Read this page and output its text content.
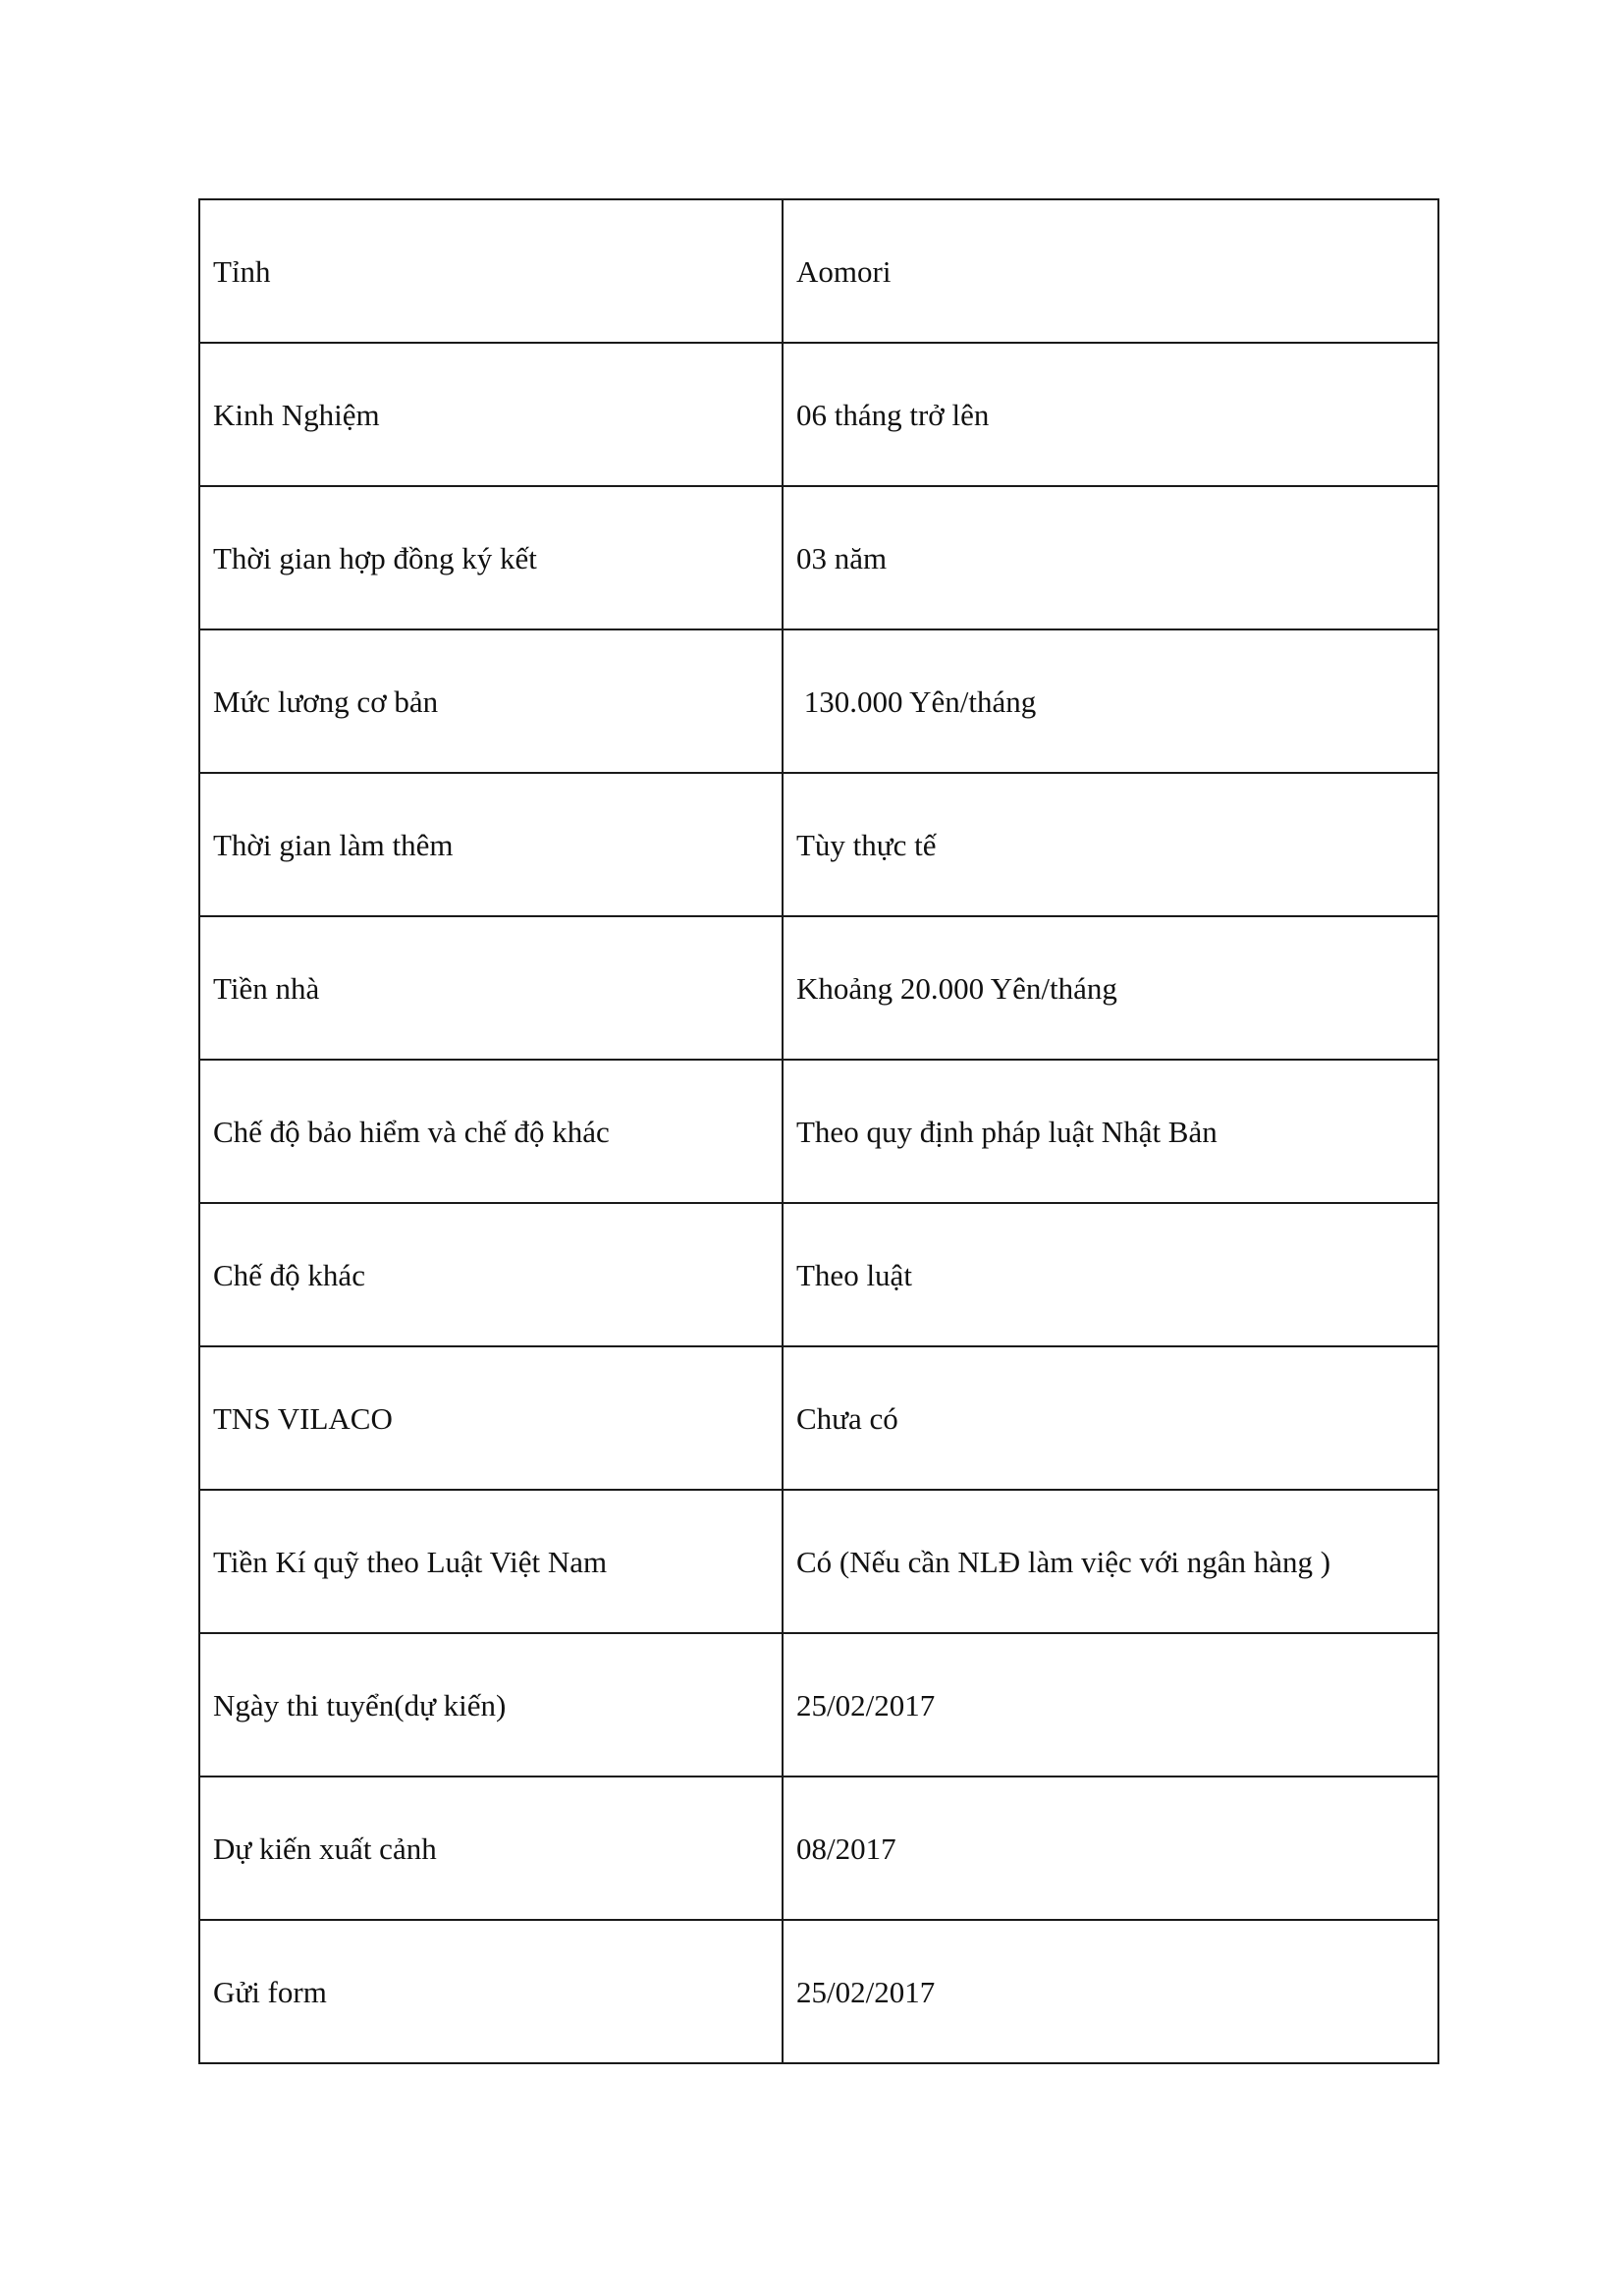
Tỉnh	Aomori
Kinh Nghiệm	06 tháng trở lên
Thời gian hợp đồng ký kết	03 năm
Mức lương cơ bản	130.000 Yên/tháng
Thời gian làm thêm	Tùy thực tế
Tiền nhà	Khoảng 20.000 Yên/tháng
Chế độ bảo hiểm và chế độ khác	Theo quy định pháp luật Nhật Bản
Chế độ khác	Theo luật
TNS VILACO	Chưa có
Tiền Kí quỹ theo Luật Việt Nam	Có (Nếu cần NLĐ làm việc với ngân hàng )
Ngày thi tuyển(dự kiến)	25/02/2017
Dự kiến xuất cảnh	08/2017
Gửi form	25/02/2017
